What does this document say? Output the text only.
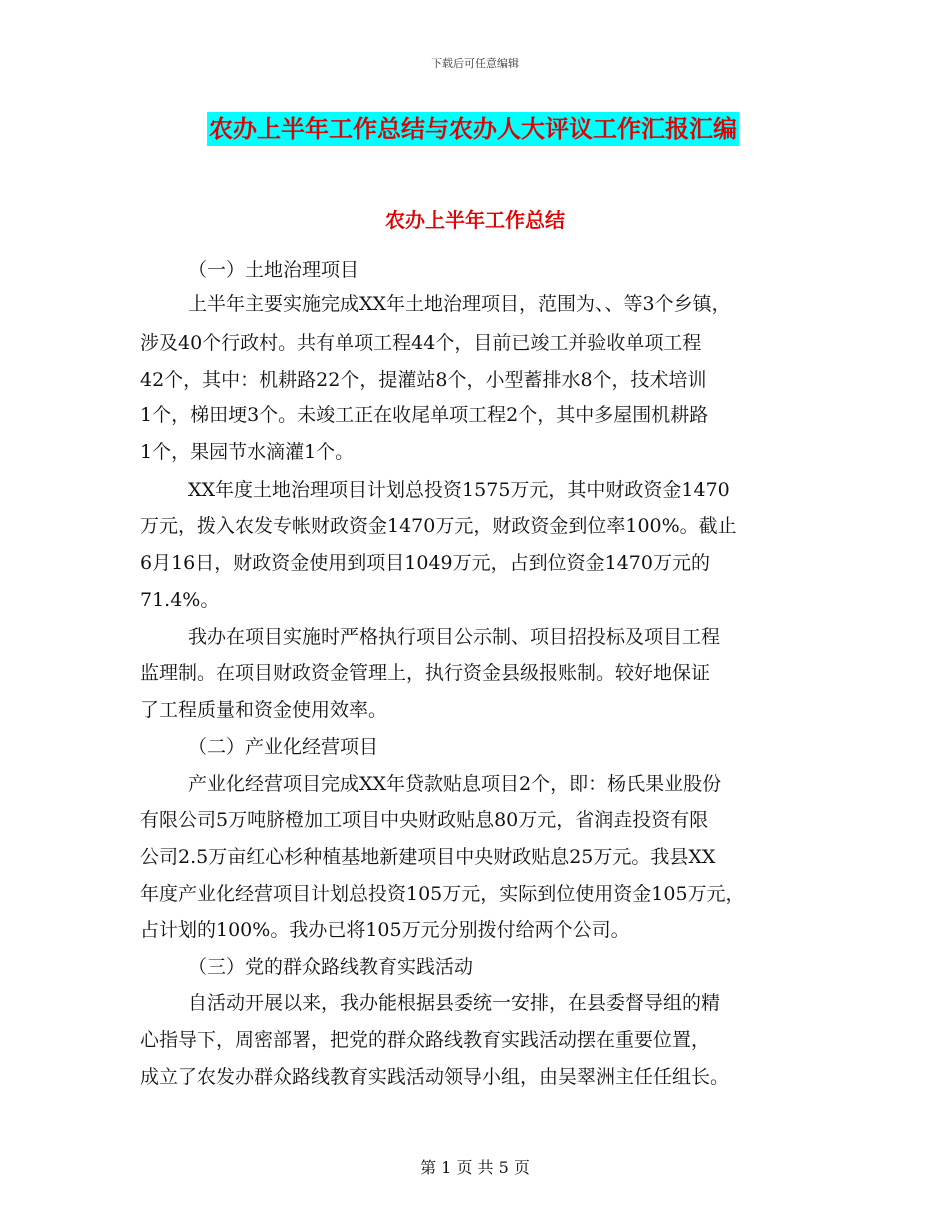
下载后可任意编辑
农办上半年工作总结与农办人大评议工作汇报汇编
农办上半年工作总结
（一）土地治理项目
上半年主要实施完成XX年土地治理项目，范围为、、等3个乡镇，
涉及40个行政村。共有单项工程44个，目前已竣工并验收单项工程
42个，其中：机耕路22个，提灌站8个，小型蓄排水8个，技术培训
1个，梯田埂3个。未竣工正在收尾单项工程2个，其中多屋围机耕路
1个，果园节水滴灌1个。
XX年度土地治理项目计划总投资1575万元，其中财政资金1470
万元，拨入农发专帐财政资金1470万元，财政资金到位率100%。截止
6月16日，财政资金使用到项目1049万元，占到位资金1470万元的
71.4%。
我办在项目实施时严格执行项目公示制、项目招投标及项目工程
监理制。在项目财政资金管理上，执行资金县级报账制。较好地保证
了工程质量和资金使用效率。
（二）产业化经营项目
产业化经营项目完成XX年贷款贴息项目2个，即：杨氏果业股份
有限公司5万吨脐橙加工项目中央财政贴息80万元，省润垚投资有限
公司2.5万亩红心杉种植基地新建项目中央财政贴息25万元。我县XX
年度产业化经营项目计划总投资105万元，实际到位使用资金105万元，
占计划的100%。我办已将105万元分别拨付给两个公司。
（三）党的群众路线教育实践活动
自活动开展以来，我办能根据县委统一安排，在县委督导组的精
心指导下，周密部署，把党的群众路线教育实践活动摆在重要位置，
成立了农发办群众路线教育实践活动领导小组，由吴翠洲主任任组长。
第 1 页 共 5 页
